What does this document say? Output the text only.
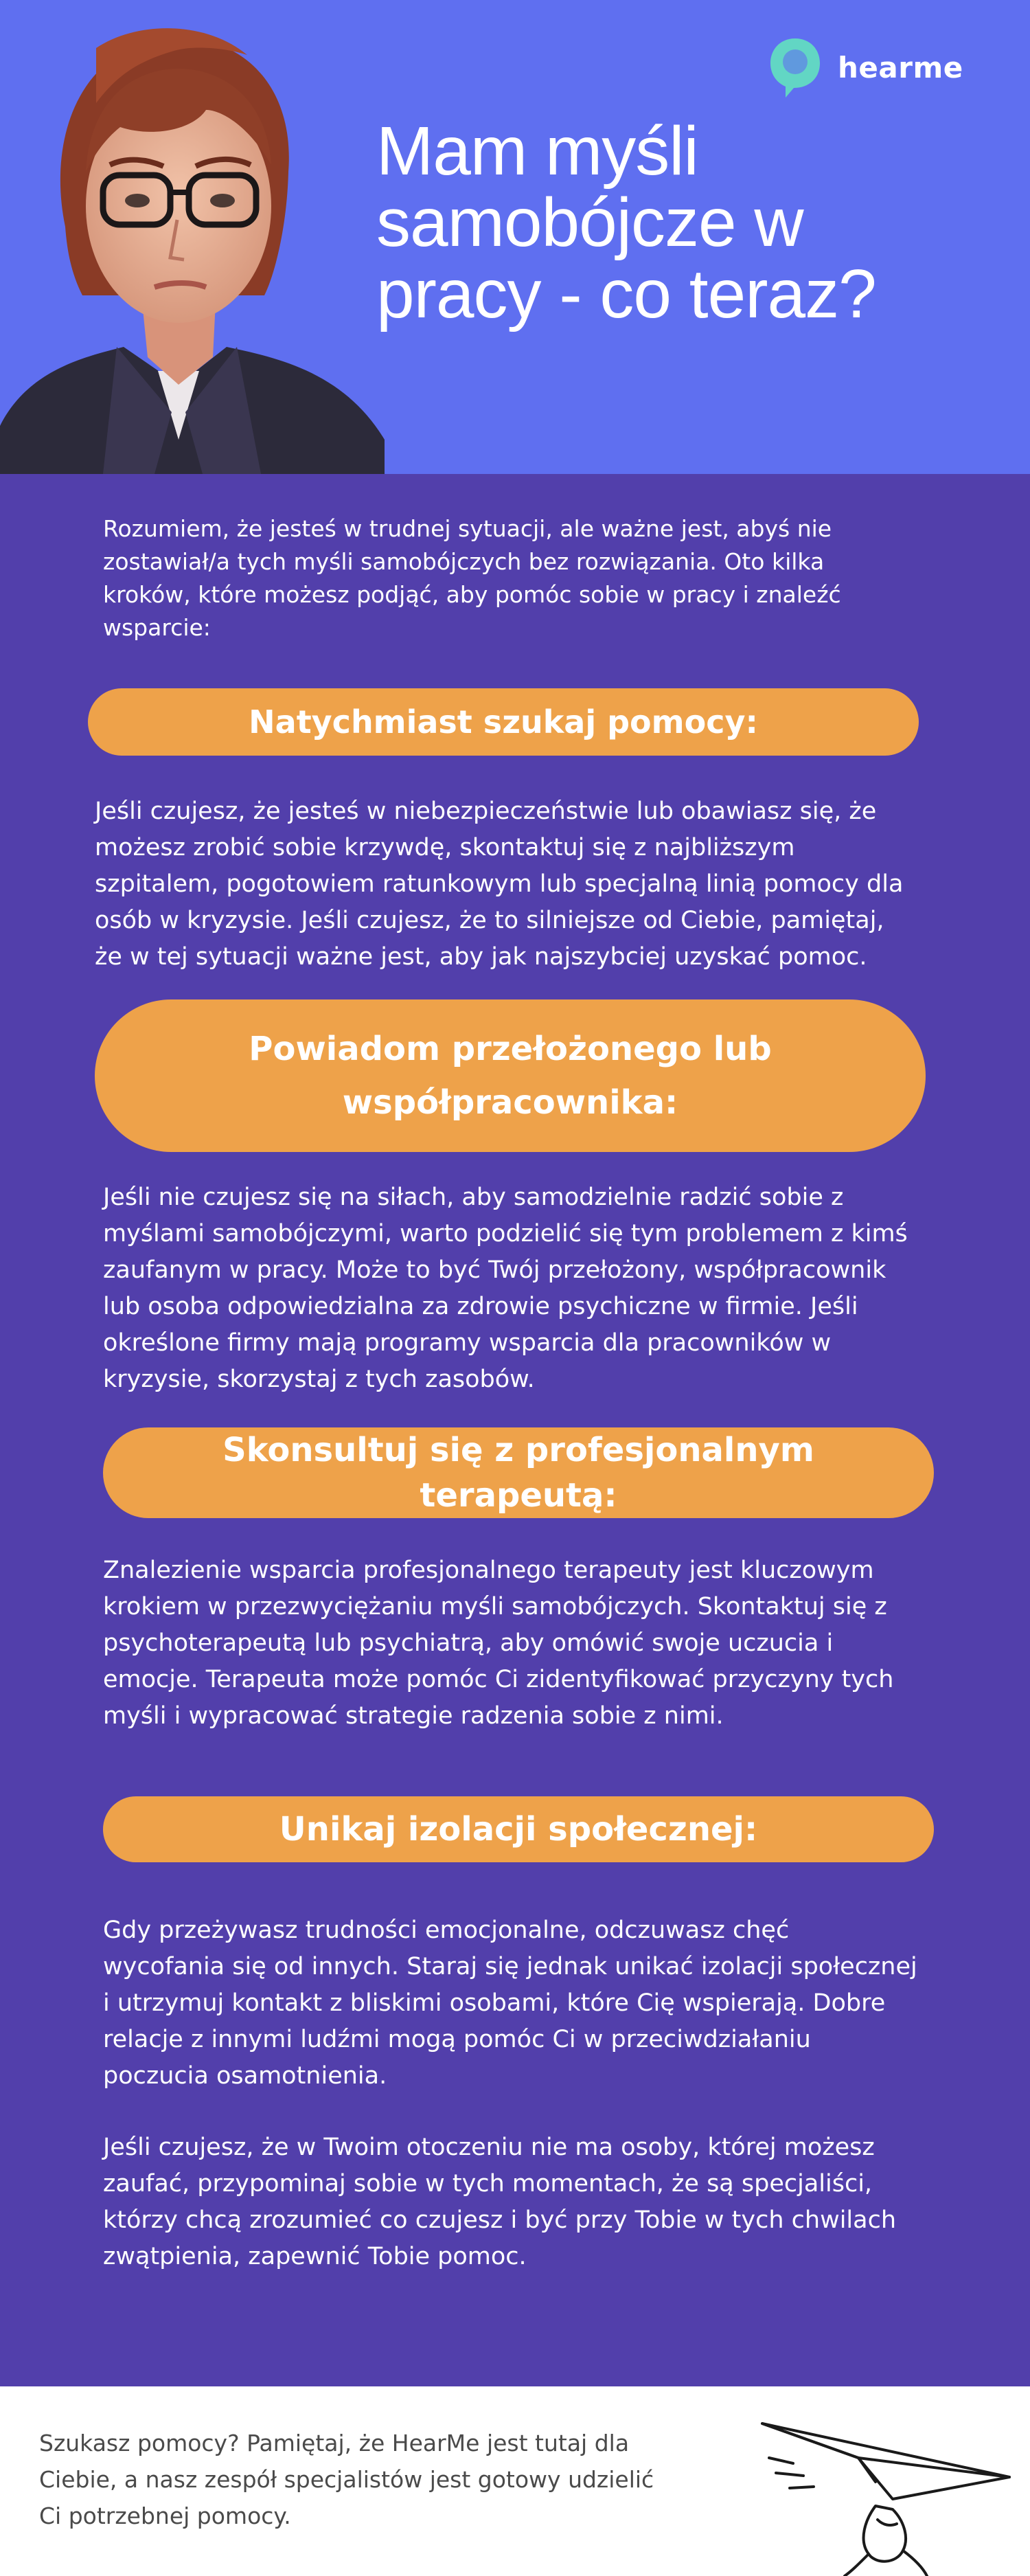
hearme
Mam myśli
samobójcze w
pracy - co teraz?

Rozumiem, że jesteś w trudnej sytuacji, ale ważne jest, abyś nie
zostawiał/a tych myśli samobójczych bez rozwiązania. Oto kilka
kroków, które możesz podjąć, aby pomóc sobie w pracy i znaleźć
wsparcie:

Natychmiast szukaj pomocy:

Jeśli czujesz, że jesteś w niebezpieczeństwie lub obawiasz się, że
możesz zrobić sobie krzywdę, skontaktuj się z najbliższym
szpitalem, pogotowiem ratunkowym lub specjalną linią pomocy dla
osób w kryzysie. Jeśli czujesz, że to silniejsze od Ciebie, pamiętaj,
że w tej sytuacji ważne jest, aby jak najszybciej uzyskać pomoc.

Powiadom przełożonego lub
współpracownika:

Jeśli nie czujesz się na siłach, aby samodzielnie radzić sobie z
myślami samobójczymi, warto podzielić się tym problemem z kimś
zaufanym w pracy. Może to być Twój przełożony, współpracownik
lub osoba odpowiedzialna za zdrowie psychiczne w firmie. Jeśli
określone firmy mają programy wsparcia dla pracowników w
kryzysie, skorzystaj z tych zasobów.

Skonsultuj się z profesjonalnym
terapeutą:

Znalezienie wsparcia profesjonalnego terapeuty jest kluczowym
krokiem w przezwyciężaniu myśli samobójczych. Skontaktuj się z
psychoterapeutą lub psychiatrą, aby omówić swoje uczucia i
emocje. Terapeuta może pomóc Ci zidentyfikować przyczyny tych
myśli i wypracować strategie radzenia sobie z nimi.

Unikaj izolacji społecznej:

Gdy przeżywasz trudności emocjonalne, odczuwasz chęć
wycofania się od innych. Staraj się jednak unikać izolacji społecznej
i utrzymuj kontakt z bliskimi osobami, które Cię wspierają. Dobre
relacje z innymi ludźmi mogą pomóc Ci w przeciwdziałaniu
poczucia osamotnienia.

Jeśli czujesz, że w Twoim otoczeniu nie ma osoby, której możesz
zaufać, przypominaj sobie w tych momentach, że są specjaliści,
którzy chcą zrozumieć co czujesz i być przy Tobie w tych chwilach
zwątpienia, zapewnić Tobie pomoc.

Szukasz pomocy? Pamiętaj, że HearMe jest tutaj dla
Ciebie, a nasz zespół specjalistów jest gotowy udzielić
Ci potrzebnej pomocy.
